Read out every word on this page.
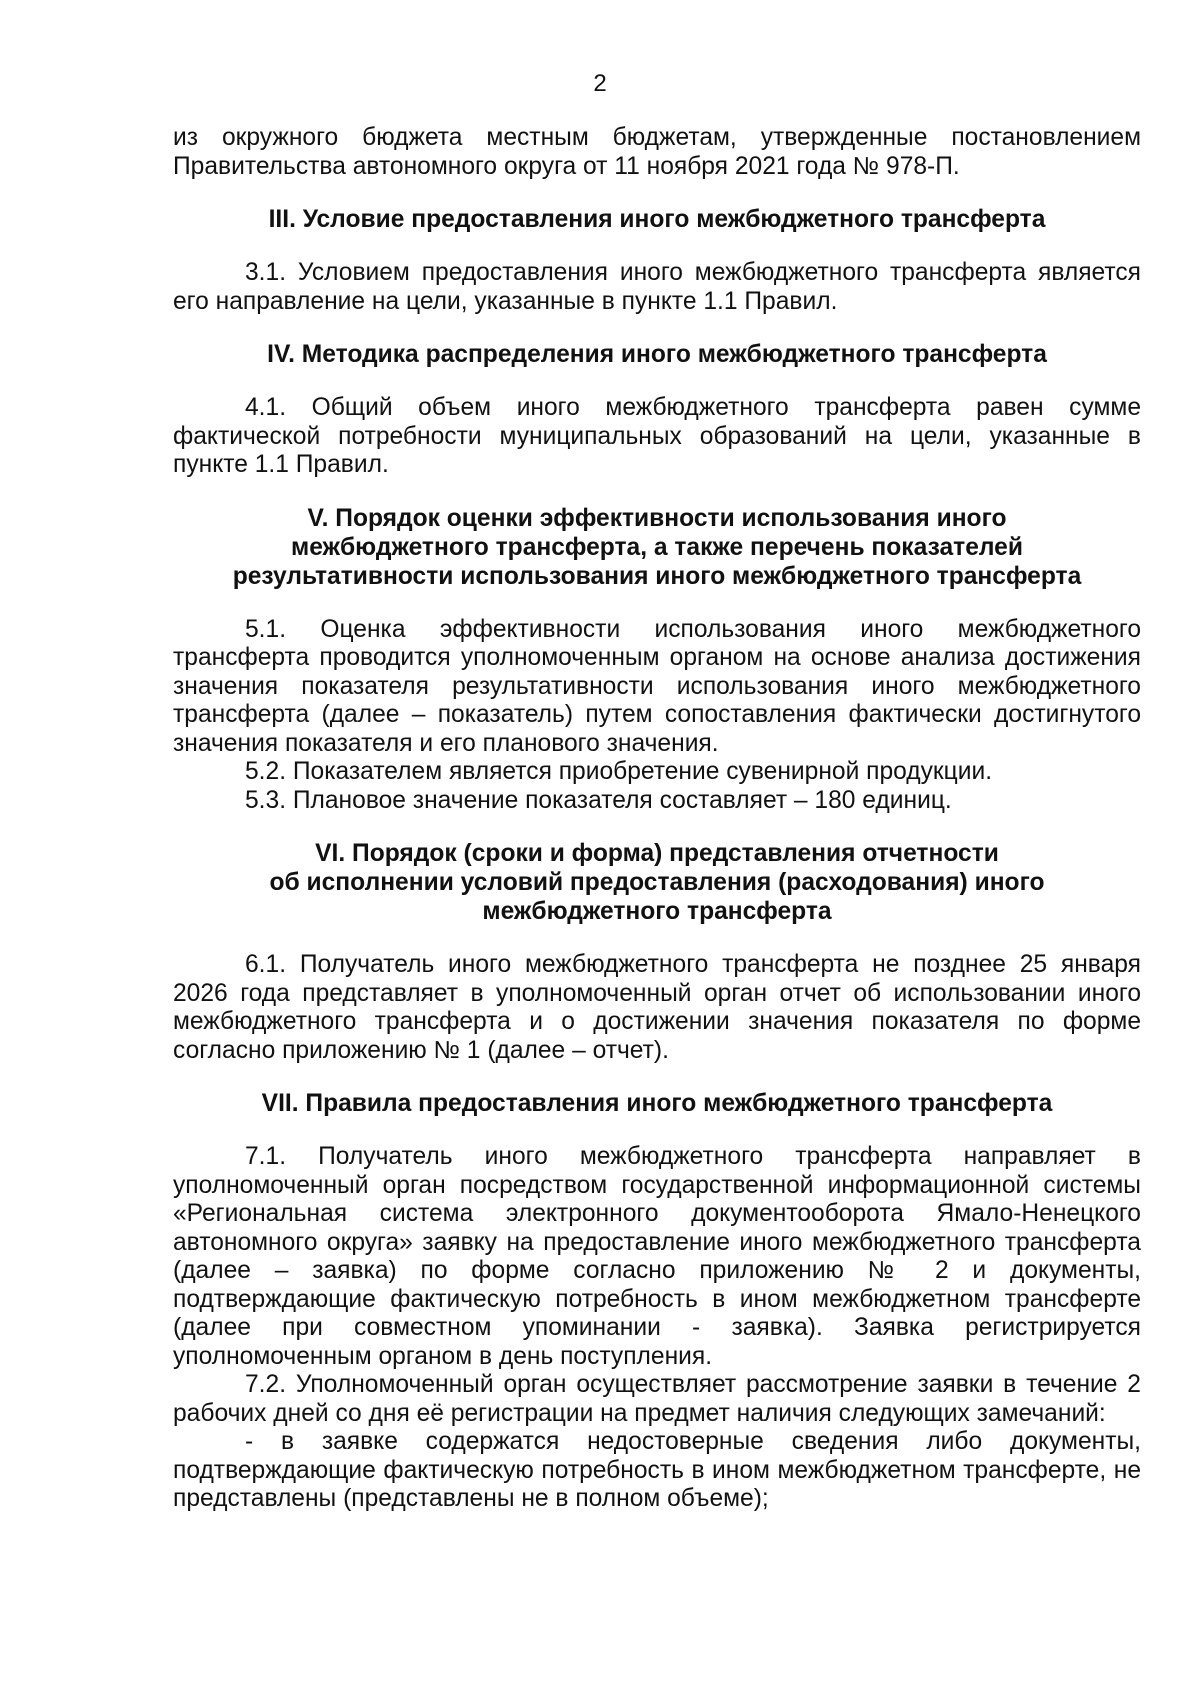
2

из окружного бюджета местным бюджетам, утвержденные постановлением

Правительства автономного округа от 11 ноября 2021 года № 978-П.

III. Условие предоставления иного межбюджетного трансферта

3.1. Условием предоставления иного межбюджетного трансферта является его направление на цели, указанные в пункте 1.1 Правил.

IV. Методика распределения иного межбюджетного трансферта

4.1. Общий объем иного межбюджетного трансферта равен сумме фактической потребности муниципальных образований на цели, указанные в пункте 1.1 Правил.

V. Порядок оценки эффективности использования иного
межбюджетного трансферта, а также перечень показателей
результативности использования иного межбюджетного трансферта

5.1. Оценка эффективности использования иного межбюджетного трансферта проводится уполномоченным органом на основе анализа достижения значения показателя результативности использования иного межбюджетного трансферта (далее – показатель) путем сопоставления фактически достигнутого значения показателя и его планового значения.

5.2. Показателем является приобретение сувенирной продукции.

5.3. Плановое значение показателя составляет – 180 единиц.

VI. Порядок (сроки и форма) представления отчетности
об исполнении условий предоставления (расходования) иного
межбюджетного трансферта

6.1. Получатель иного межбюджетного трансферта не позднее 25 января 2026 года представляет в уполномоченный орган отчет об использовании иного межбюджетного трансферта и о достижении значения показателя по форме согласно приложению № 1 (далее – отчет).

VII. Правила предоставления иного межбюджетного трансферта

7.1. Получатель иного межбюджетного трансферта направляет в уполномоченный орган посредством государственной информационной системы «Региональная система электронного документооборота Ямало-Ненецкого автономного округа» заявку на предоставление иного межбюджетного трансферта (далее – заявка) по форме согласно приложению № 2 и документы, подтверждающие фактическую потребность в ином межбюджетном трансферте (далее при совместном упоминании - заявка). Заявка регистрируется уполномоченным органом в день поступления.

7.2. Уполномоченный орган осуществляет рассмотрение заявки в течение 2 рабочих дней со дня её регистрации на предмет наличия следующих замечаний:

- в заявке содержатся недостоверные сведения либо документы, подтверждающие фактическую потребность в ином межбюджетном трансферте, не представлены (представлены не в полном объеме);
